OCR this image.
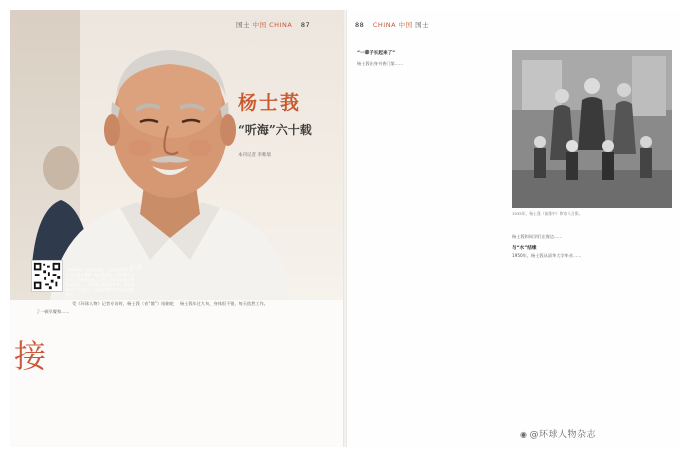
国士 中国 CHINA 87
杨士莪
“听海”六十载
本刊记者 李唯瑞
1950年秋，在大连海港，大连工学院学生许玉玉杨士莪等一起合影留念，杨士莪在大连第三实验幼儿园，大连工学院学生杨士莪站前排右二，中国著名的雷达专家，中央电视台专门采访……他是中国声学学会前任理事长。
杨士莪
接
受《环球人物》记者专访时，杨士莪（音“饿”）刚刚吃了一顿早餐和……
杨士莪年过九旬，身体很不错，每天依然工作。
88 CHINA 中国 国士
“一辈子长起来了”
杨士莪出身书香门第……
1935年，杨士莪（前排中）和家人合影。
杨士莪和同学们在海边……
与“水”结缘
1950年，杨士莪从清华大学毕业……
◉ @环球人物杂志
